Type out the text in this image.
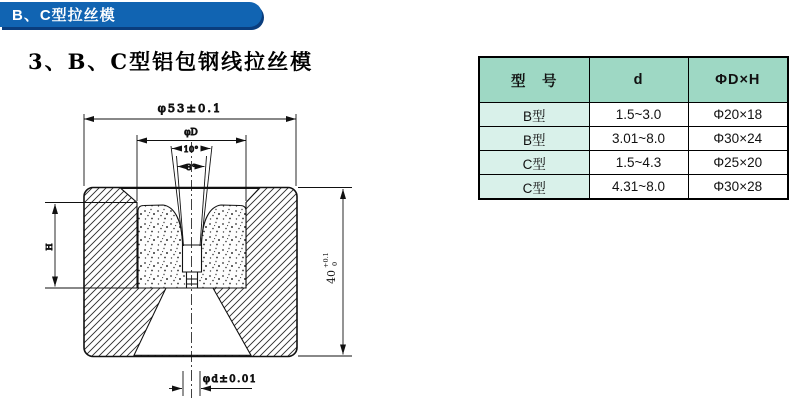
B、C型拉丝模
3、B、C型铝包钢线拉丝模
型　号	d	ΦD×H
B型	1.5~3.0	Φ20×18
B型	3.01~8.0	Φ30×24
C型	1.5~4.3	Φ25×20
C型	4.31~8.0	Φ30×28
φ53±0.1
φD
10°
8°
H
40
+0.1 0
φd±0.01
